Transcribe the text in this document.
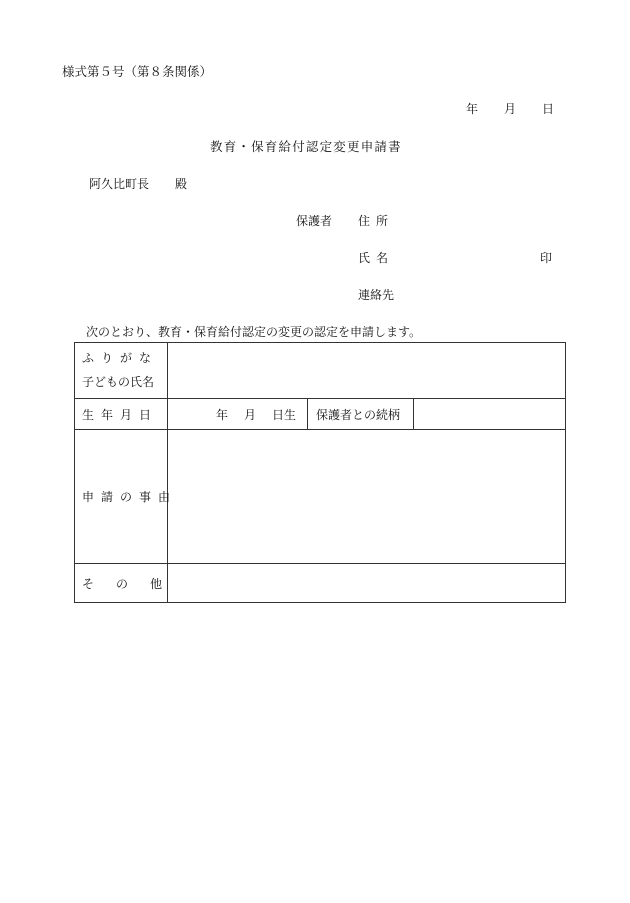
様式第５号（第８条関係）
年 月 日
教育・保育給付認定変更申請書
阿久比町長 殿
保護者 住所
氏名	印
連絡先
次のとおり、教育・保育給付認定の変更の認定を申請します。
ふりがな
子どもの氏名			

生年月日	年 月 日生	保護者との続柄	
申請の事由			
その他			
